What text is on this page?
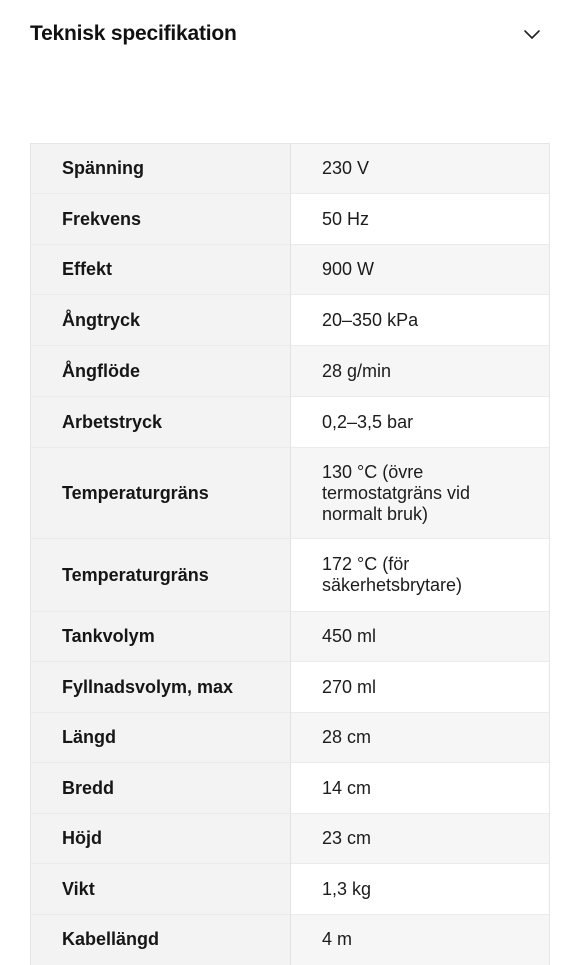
Teknisk specifikation
Spänning	230 V
Frekvens	50 Hz
Effekt	900 W
Ångtryck	20–350 kPa
Ångflöde	28 g/min
Arbetstryck	0,2–3,5 bar
Temperaturgräns	130 °C (övre termostatgräns vid normalt bruk)
Temperaturgräns	172 °C (för säkerhetsbrytare)
Tankvolym	450 ml
Fyllnadsvolym, max	270 ml
Längd	28 cm
Bredd	14 cm
Höjd	23 cm
Vikt	1,3 kg
Kabellängd	4 m
